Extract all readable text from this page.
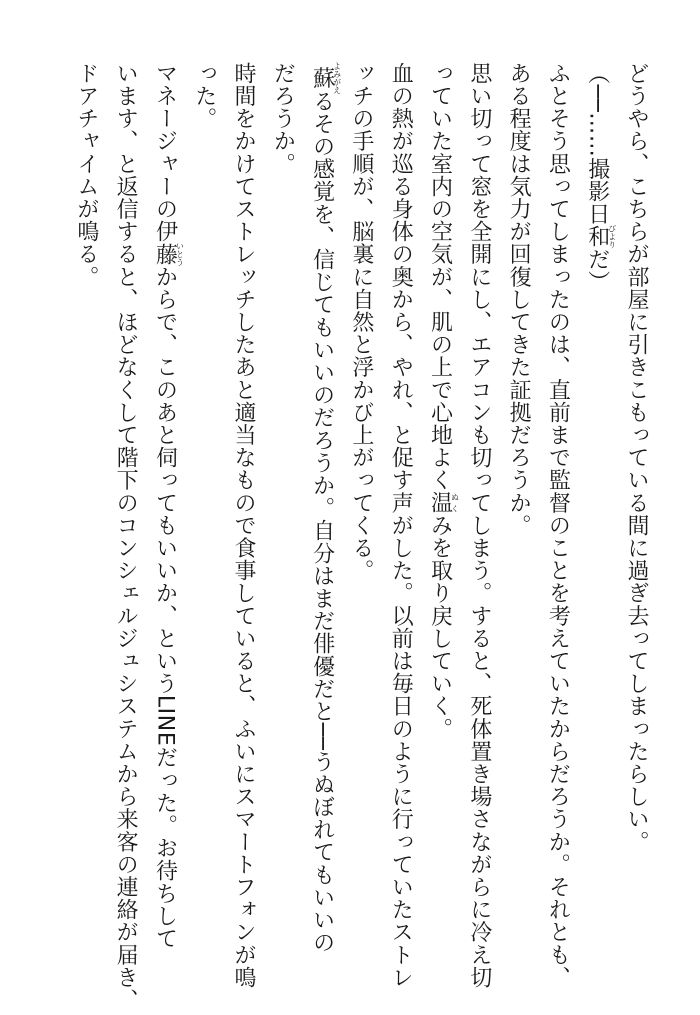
どうやら、こちらが部屋に引きこもっている間に過ぎ去ってしまったらしい。
（──……撮影日和びよりだ）
ふとそう思ってしまったのは、直前まで監督のことを考えていたからだろうか。それとも、
ある程度は気力が回復してきた証拠だろうか。
思い切って窓を全開にし、エアコンも切ってしまう。すると、死体置き場さながらに冷え切
っていた室内の空気が、肌の上で心地よく温ぬくみを取り戻していく。
血の熱が巡る身体の奥から、やれ、と促す声がした。以前は毎日のように行っていたストレ
ッチの手順が、脳裏に自然と浮かび上がってくる。
蘇よみがえるその感覚を、信じてもいいのだろうか。自分はまだ俳優だと──うぬぼれてもいいの
だろうか。
時間をかけてストレッチしたあと適当なもので食事していると、ふいにスマートフォンが鳴
った。
マネージャーの伊藤いとうからで、このあと伺ってもいいか、というLINEだった。お待ちして
います、と返信すると、ほどなくして階下のコンシェルジュシステムから来客の連絡が届き、
ドアチャイムが鳴る。
